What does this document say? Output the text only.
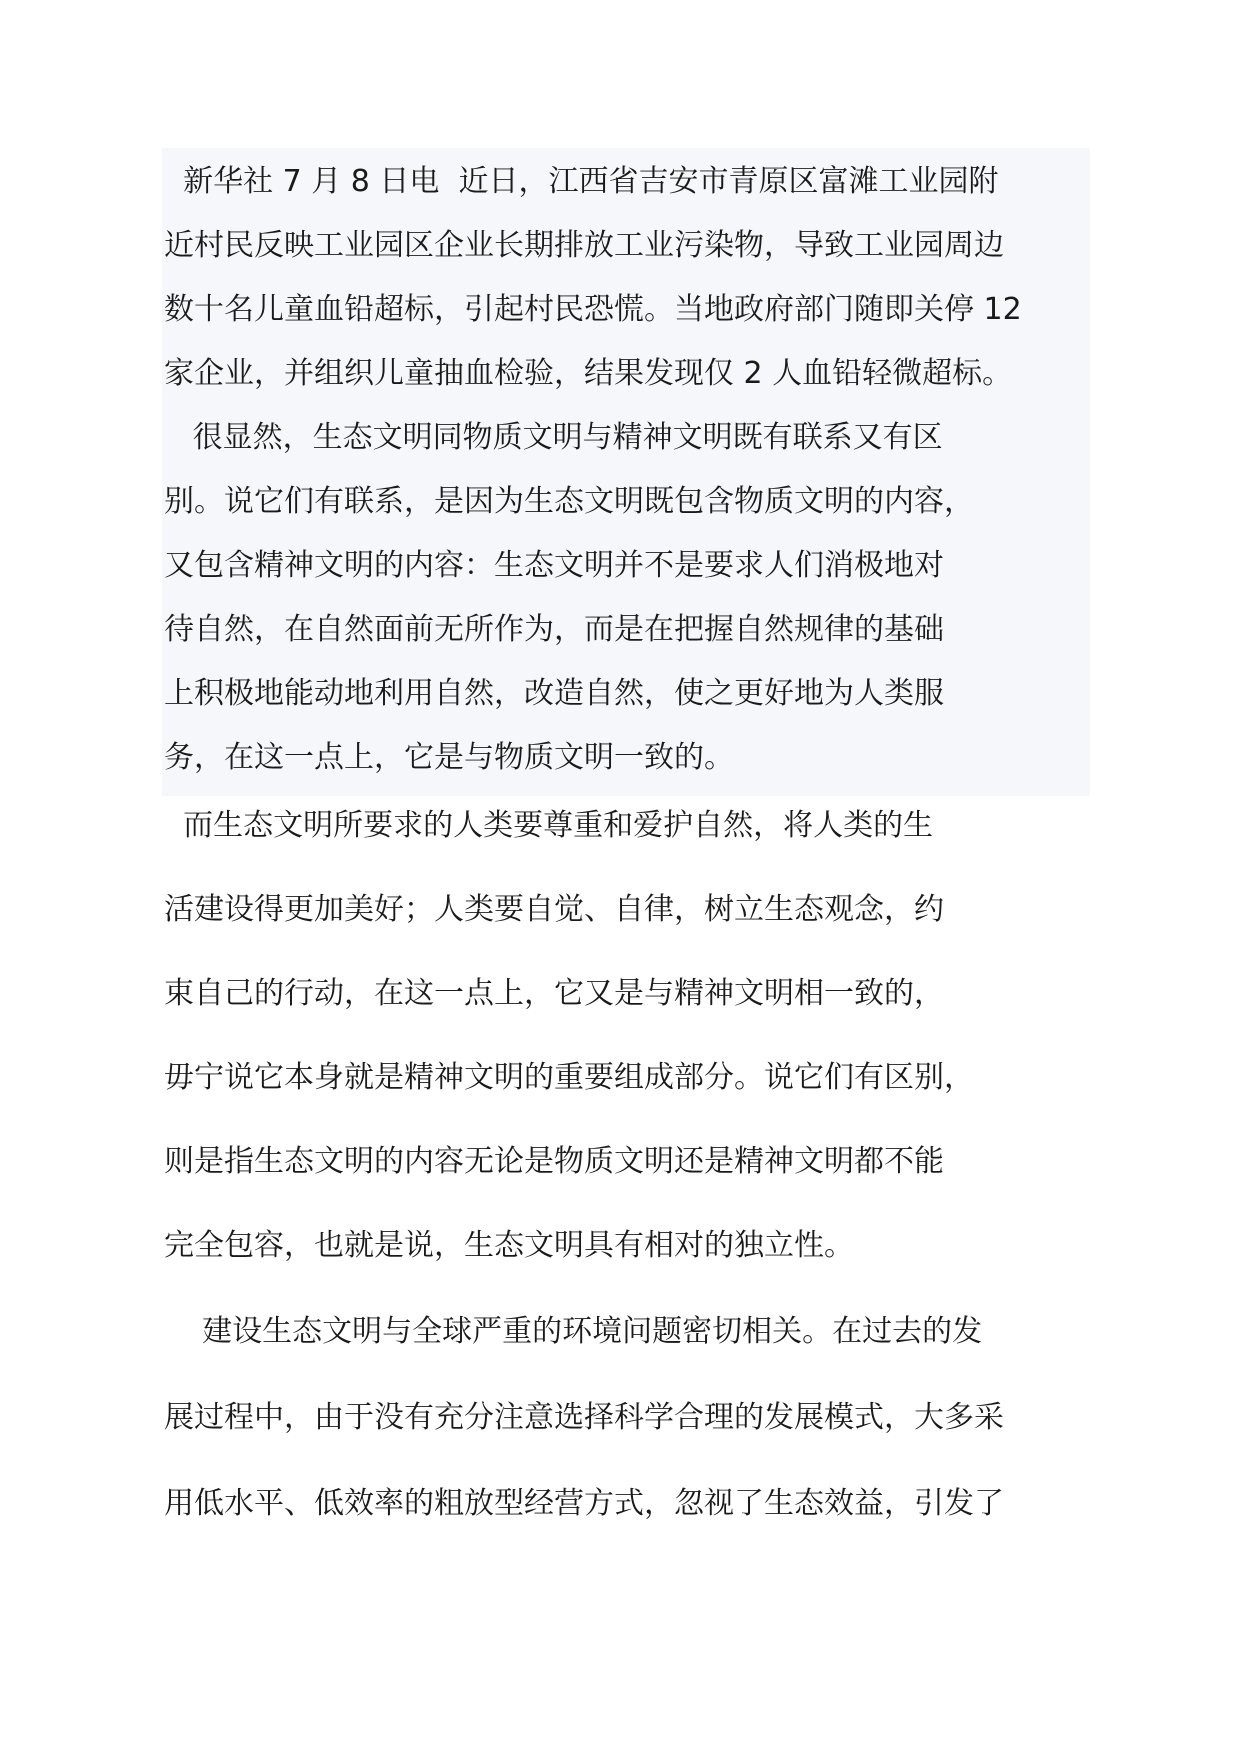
新华社 7 月 8 日电  近日，江西省吉安市青原区富滩工业园附
近村民反映工业园区企业长期排放工业污染物，导致工业园周边
数十名儿童血铅超标，引起村民恐慌。当地政府部门随即关停 12
家企业，并组织儿童抽血检验，结果发现仅 2 人血铅轻微超标。
很显然，生态文明同物质文明与精神文明既有联系又有区
别。说它们有联系，是因为生态文明既包含物质文明的内容，
又包含精神文明的内容：生态文明并不是要求人们消极地对
待自然，在自然面前无所作为，而是在把握自然规律的基础
上积极地能动地利用自然，改造自然，使之更好地为人类服
务，在这一点上，它是与物质文明一致的。
而生态文明所要求的人类要尊重和爱护自然，将人类的生
活建设得更加美好；人类要自觉、自律，树立生态观念，约
束自己的行动，在这一点上，它又是与精神文明相一致的，
毋宁说它本身就是精神文明的重要组成部分。说它们有区别，
则是指生态文明的内容无论是物质文明还是精神文明都不能
完全包容，也就是说，生态文明具有相对的独立性。
建设生态文明与全球严重的环境问题密切相关。在过去的发
展过程中，由于没有充分注意选择科学合理的发展模式，大多采
用低水平、低效率的粗放型经营方式，忽视了生态效益，引发了
